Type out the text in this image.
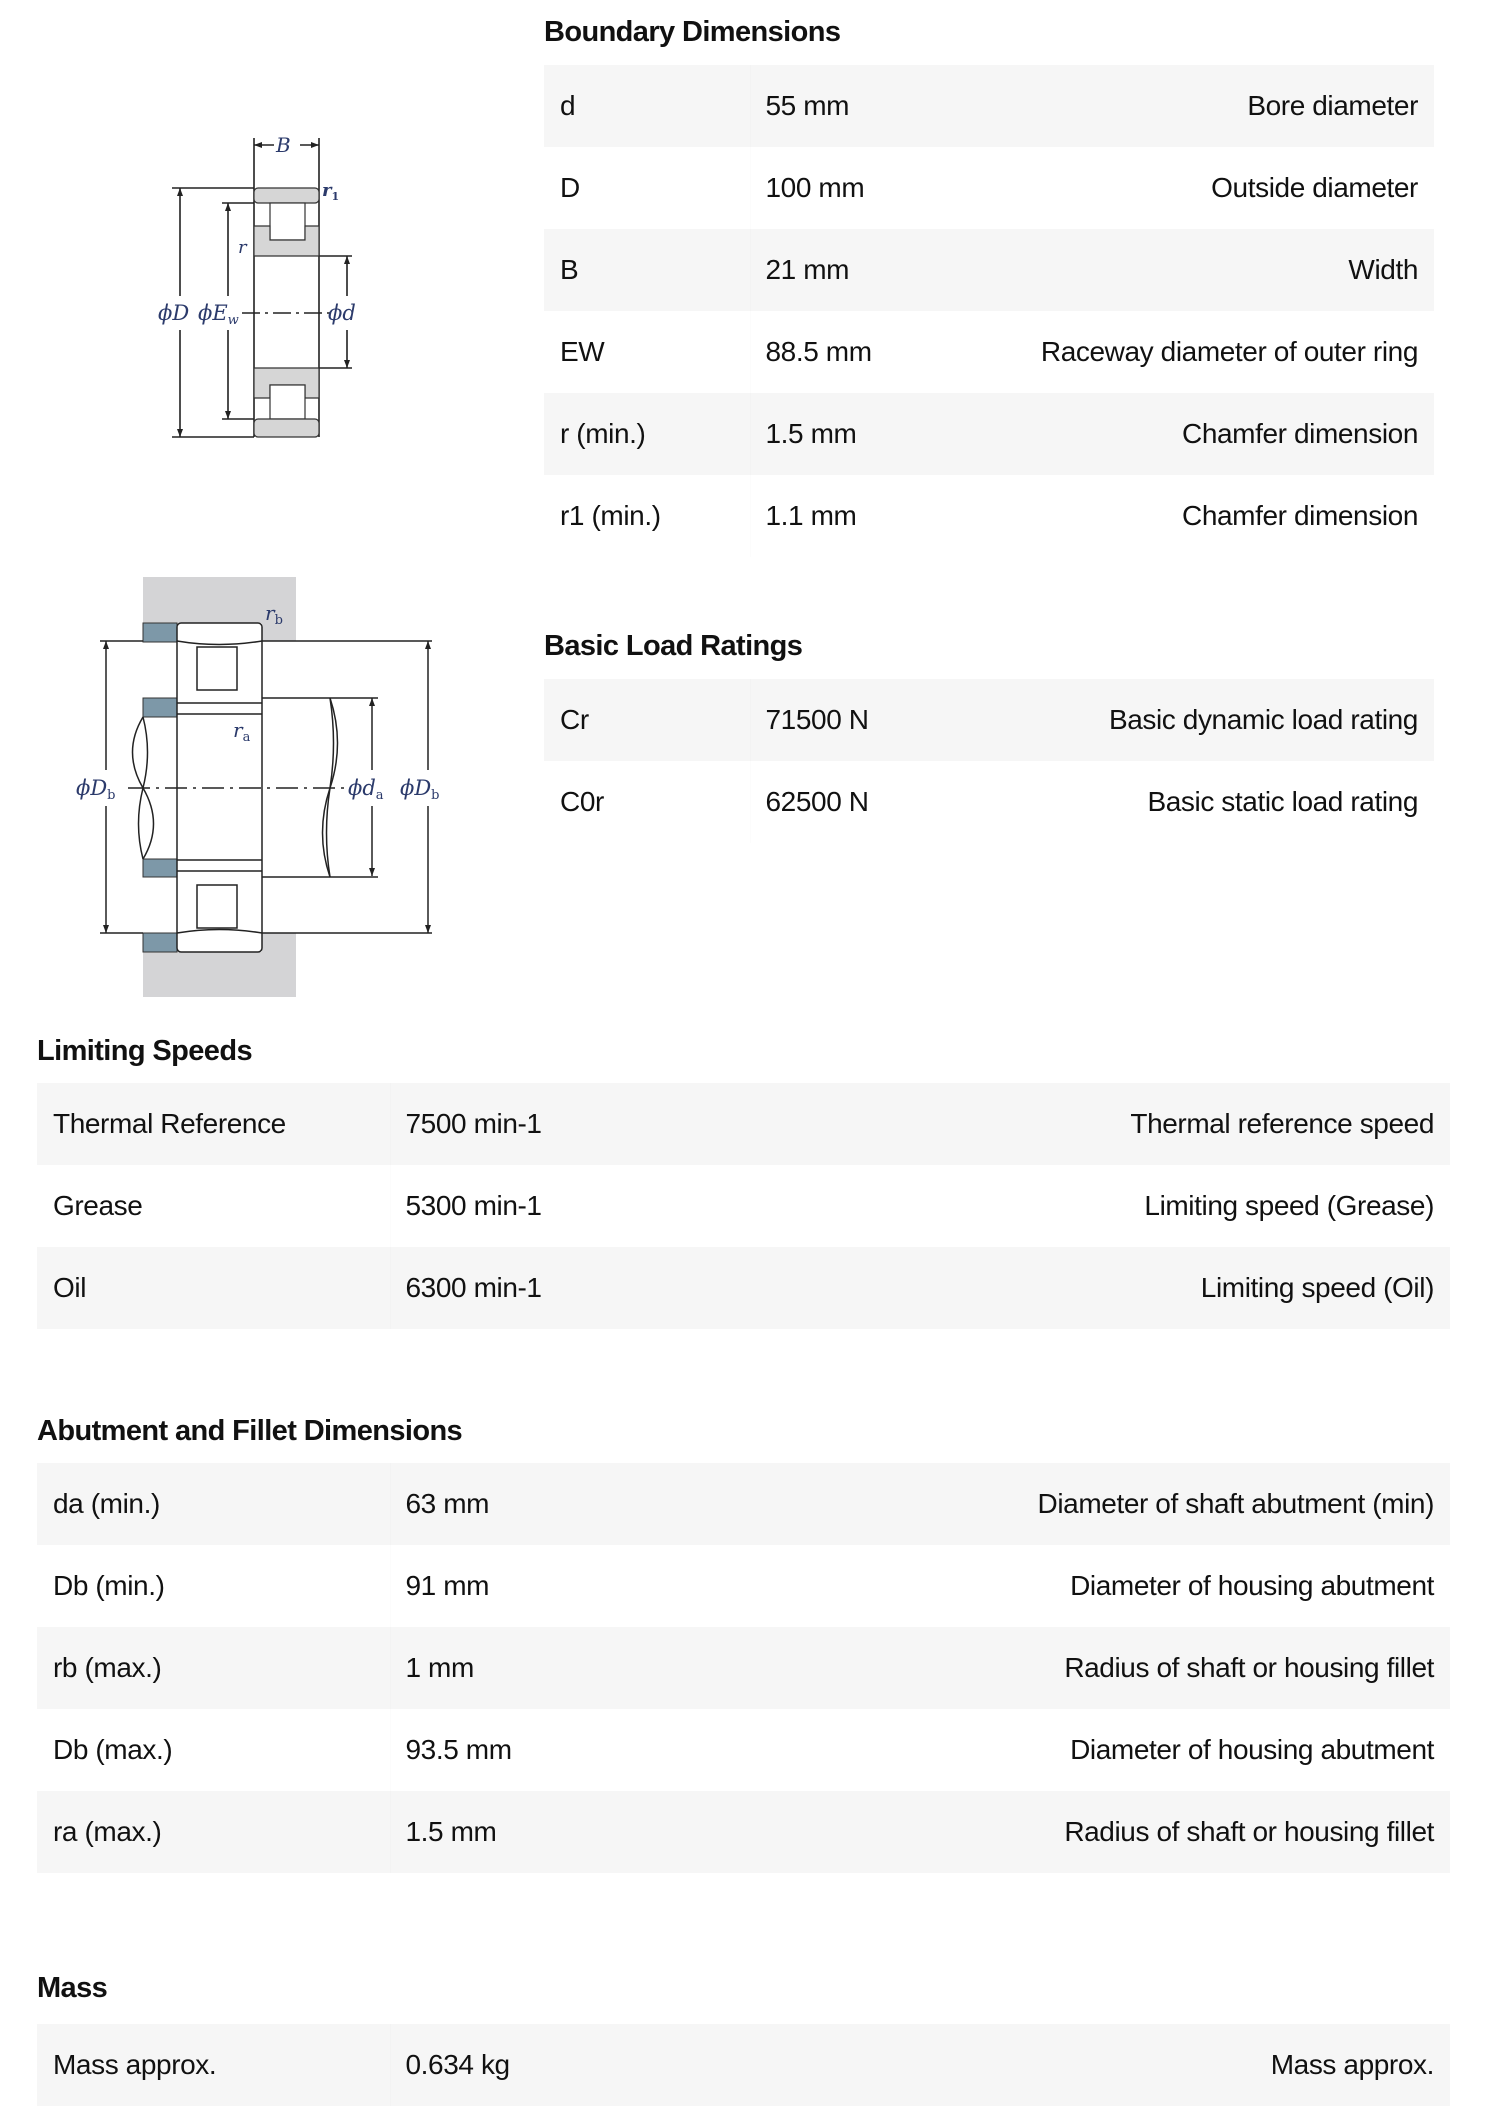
B
$r_1$
r
ϕD ϕEw	ϕd
$r_b$
$r_a$
ϕDb	ϕda ϕDb
Boundary Dimensions
d	55 mm	Bore diameter
D	100 mm	Outside diameter
B	21 mm	Width
EW	88.5 mm	Raceway diameter of outer ring
r (min.)	1.5 mm	Chamfer dimension
r1 (min.)	1.1 mm	Chamfer dimension
Basic Load Ratings
Cr	71500 N	Basic dynamic load rating
C0r	62500 N	Basic static load rating
Limiting Speeds
Thermal Reference	7500 min-1	Thermal reference speed
Grease	5300 min-1	Limiting speed (Grease)
Oil	6300 min-1	Limiting speed (Oil)
Abutment and Fillet Dimensions
da (min.)	63 mm	Diameter of shaft abutment (min)
Db (min.)	91 mm	Diameter of housing abutment
rb (max.)	1 mm	Radius of shaft or housing fillet
Db (max.)	93.5 mm	Diameter of housing abutment
ra (max.)	1.5 mm	Radius of shaft or housing fillet
Mass
Mass approx.	0.634 kg	Mass approx.
